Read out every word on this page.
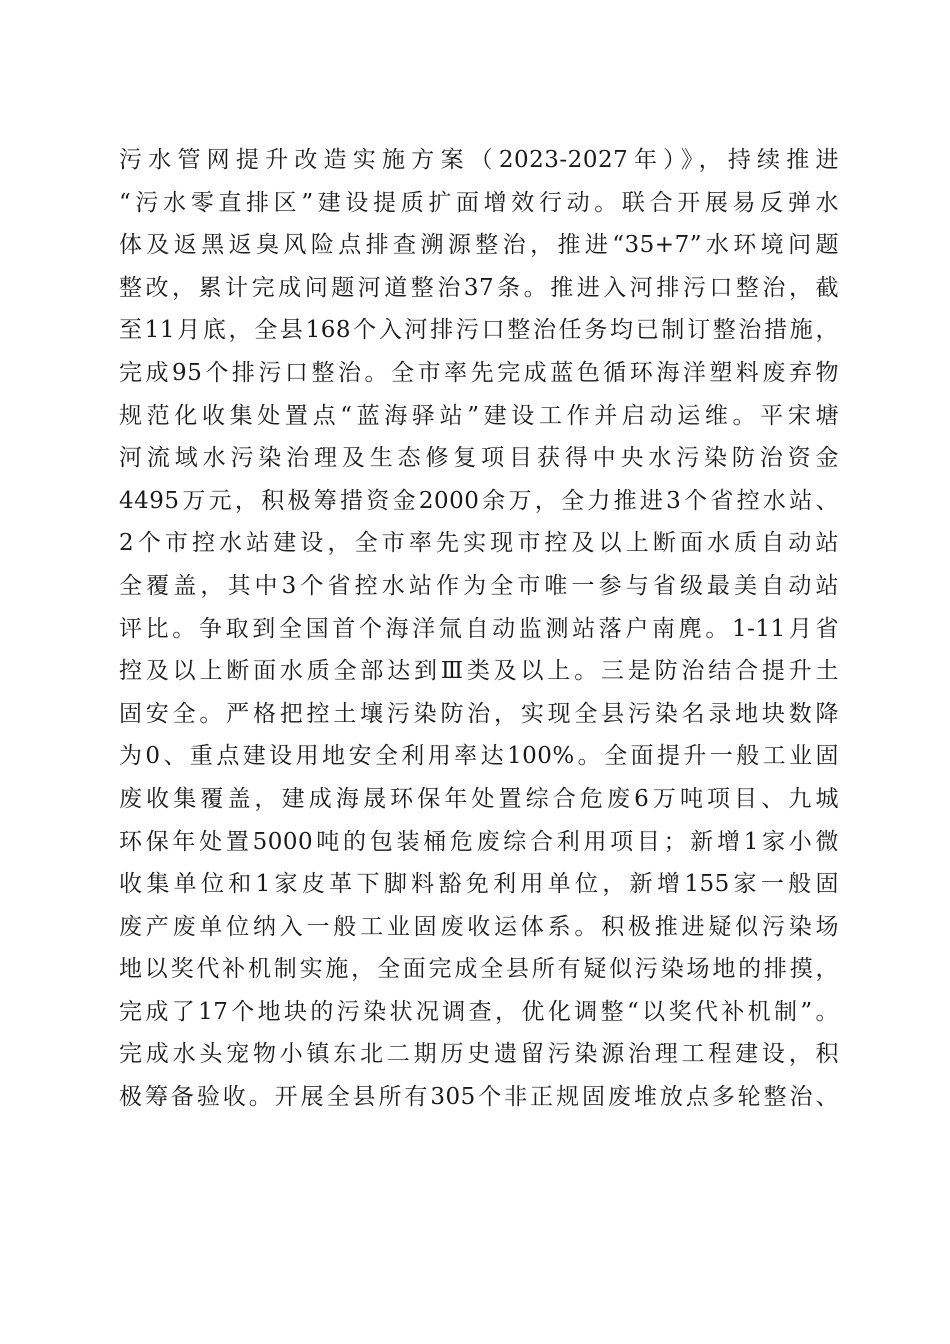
污水管网提升改造实施方案（2023-2027年）》，持续推进
“污水零直排区”建设提质扩面增效行动。联合开展易反弹水
体及返黑返臭风险点排查溯源整治，推进“35+7”水环境问题
整改，累计完成问题河道整治37条。推进入河排污口整治，截
至11月底，全县168个入河排污口整治任务均已制订整治措施，
完成95个排污口整治。全市率先完成蓝色循环海洋塑料废弃物
规范化收集处置点“蓝海驿站”建设工作并启动运维。平宋塘
河流域水污染治理及生态修复项目获得中央水污染防治资金
4495万元，积极筹措资金2000余万，全力推进3个省控水站、
2个市控水站建设，全市率先实现市控及以上断面水质自动站
全覆盖，其中3个省控水站作为全市唯一参与省级最美自动站
评比。争取到全国首个海洋氚自动监测站落户南麂。1-11月省
控及以上断面水质全部达到Ⅲ类及以上。三是防治结合提升土
固安全。严格把控土壤污染防治，实现全县污染名录地块数降
为0、重点建设用地安全利用率达100%。全面提升一般工业固
废收集覆盖，建成海晟环保年处置综合危废6万吨项目、九城
环保年处置5000吨的包装桶危废综合利用项目；新增1家小微
收集单位和1家皮革下脚料豁免利用单位，新增155家一般固
废产废单位纳入一般工业固废收运体系。积极推进疑似污染场
地以奖代补机制实施，全面完成全县所有疑似污染场地的排摸，
完成了17个地块的污染状况调查，优化调整“以奖代补机制”。
完成水头宠物小镇东北二期历史遗留污染源治理工程建设，积
极筹备验收。开展全县所有305个非正规固废堆放点多轮整治、
